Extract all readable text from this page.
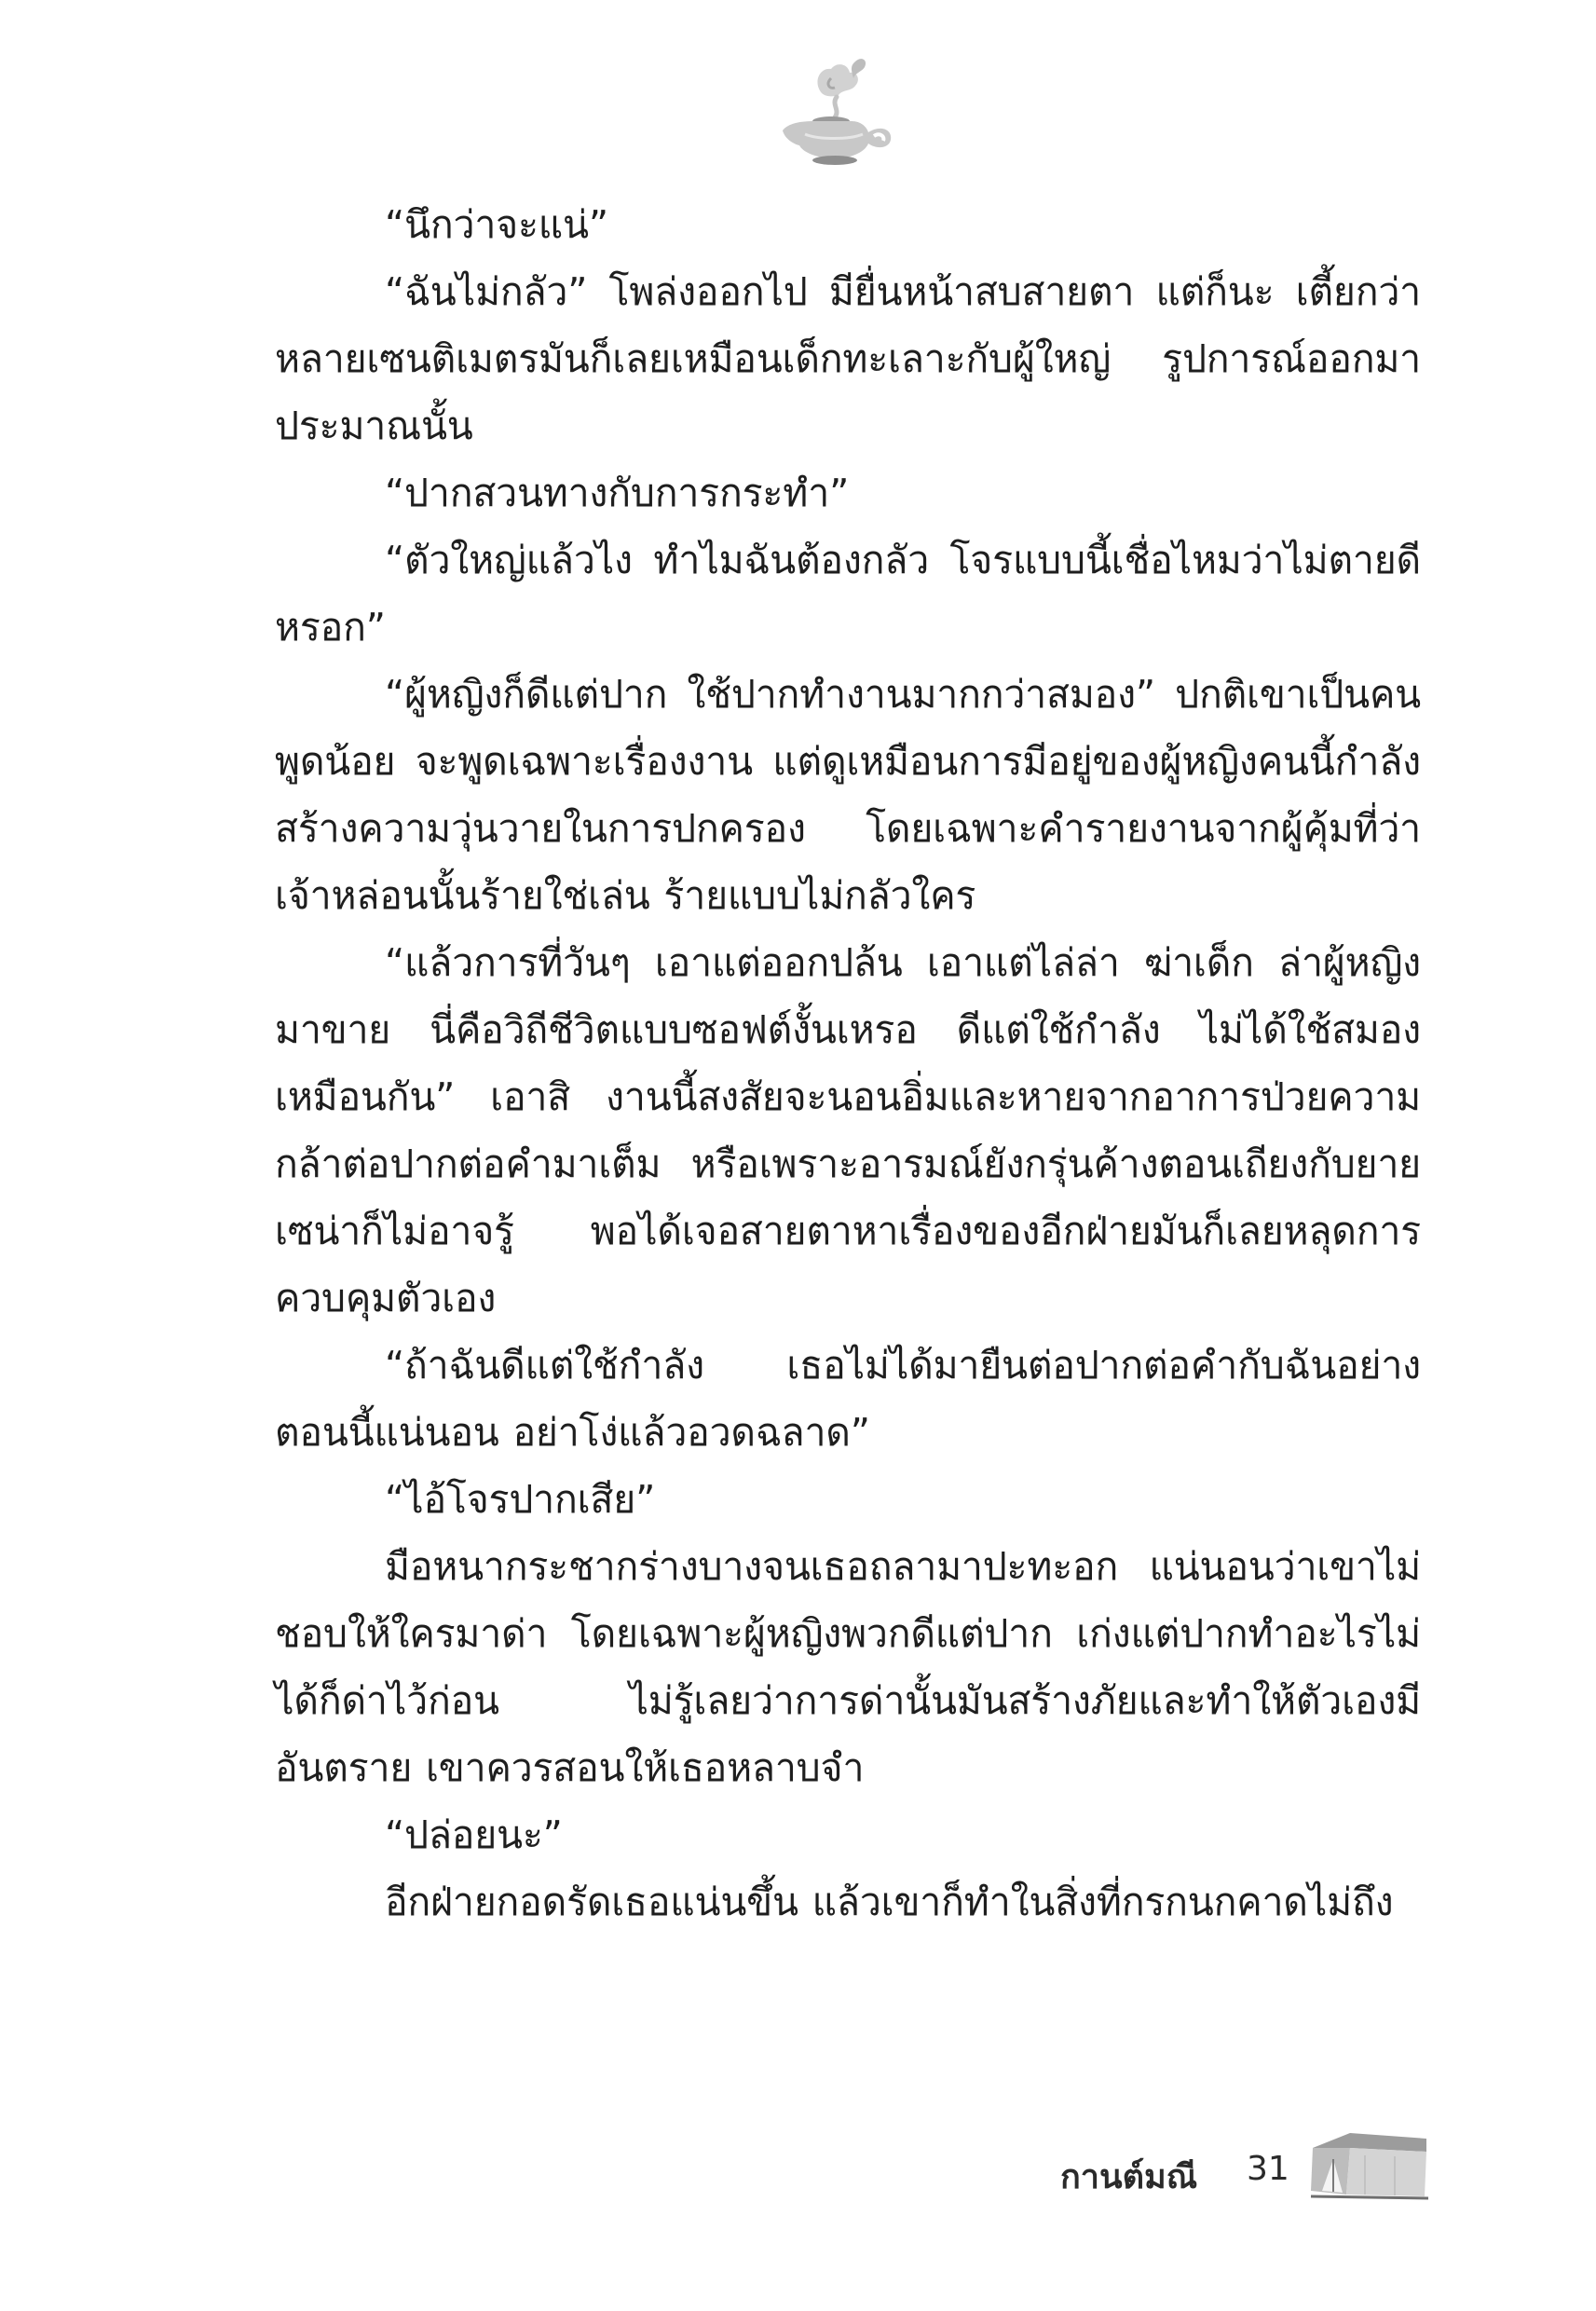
“นึกว่าจะแน่”

“ฉันไม่กลัว” โพล่งออกไป มียื่นหน้าสบสายตา แต่ก็นะ เตี้ยกว่าหลายเซนติเมตรมันก็เลยเหมือนเด็กทะเลาะกับผู้ใหญ่ รูปการณ์ออกมาประมาณนั้น

“ปากสวนทางกับการกระทำ”

“ตัวใหญ่แล้วไง ทำไมฉันต้องกลัว โจรแบบนี้เชื่อไหมว่าไม่ตายดีหรอก”

“ผู้หญิงก็ดีแต่ปาก ใช้ปากทำงานมากกว่าสมอง” ปกติเขาเป็นคนพูดน้อย จะพูดเฉพาะเรื่องงาน แต่ดูเหมือนการมีอยู่ของผู้หญิงคนนี้กำลังสร้างความวุ่นวายในการปกครอง โดยเฉพาะคำรายงานจากผู้คุ้มที่ว่าเจ้าหล่อนนั้นร้ายใช่เล่น ร้ายแบบไม่กลัวใคร

“แล้วการที่วันๆ เอาแต่ออกปล้น เอาแต่ไล่ล่า ฆ่าเด็ก ล่าผู้หญิงมาขาย นี่คือวิถีชีวิตแบบซอฟต์งั้นเหรอ ดีแต่ใช้กำลัง ไม่ได้ใช้สมองเหมือนกัน” เอาสิ งานนี้สงสัยจะนอนอิ่มและหายจากอาการป่วยความกล้าต่อปากต่อคำมาเต็ม หรือเพราะอารมณ์ยังกรุ่นค้างตอนเถียงกับยายเซน่าก็ไม่อาจรู้ พอได้เจอสายตาหาเรื่องของอีกฝ่ายมันก็เลยหลุดการควบคุมตัวเอง

“ถ้าฉันดีแต่ใช้กำลัง เธอไม่ได้มายืนต่อปากต่อคำกับฉันอย่างตอนนี้แน่นอน อย่าโง่แล้วอวดฉลาด”

“ไอ้โจรปากเสีย”

มือหนากระชากร่างบางจนเธอถลามาปะทะอก แน่นอนว่าเขาไม่ชอบให้ใครมาด่า โดยเฉพาะผู้หญิงพวกดีแต่ปาก เก่งแต่ปากทำอะไรไม่ได้ก็ด่าไว้ก่อน ไม่รู้เลยว่าการด่านั้นมันสร้างภัยและทำให้ตัวเองมีอันตราย เขาควรสอนให้เธอหลาบจำ

“ปล่อยนะ”

อีกฝ่ายกอดรัดเธอแน่นขึ้น แล้วเขาก็ทำในสิ่งที่กรกนกคาดไม่ถึง

กานต์มณี 31
